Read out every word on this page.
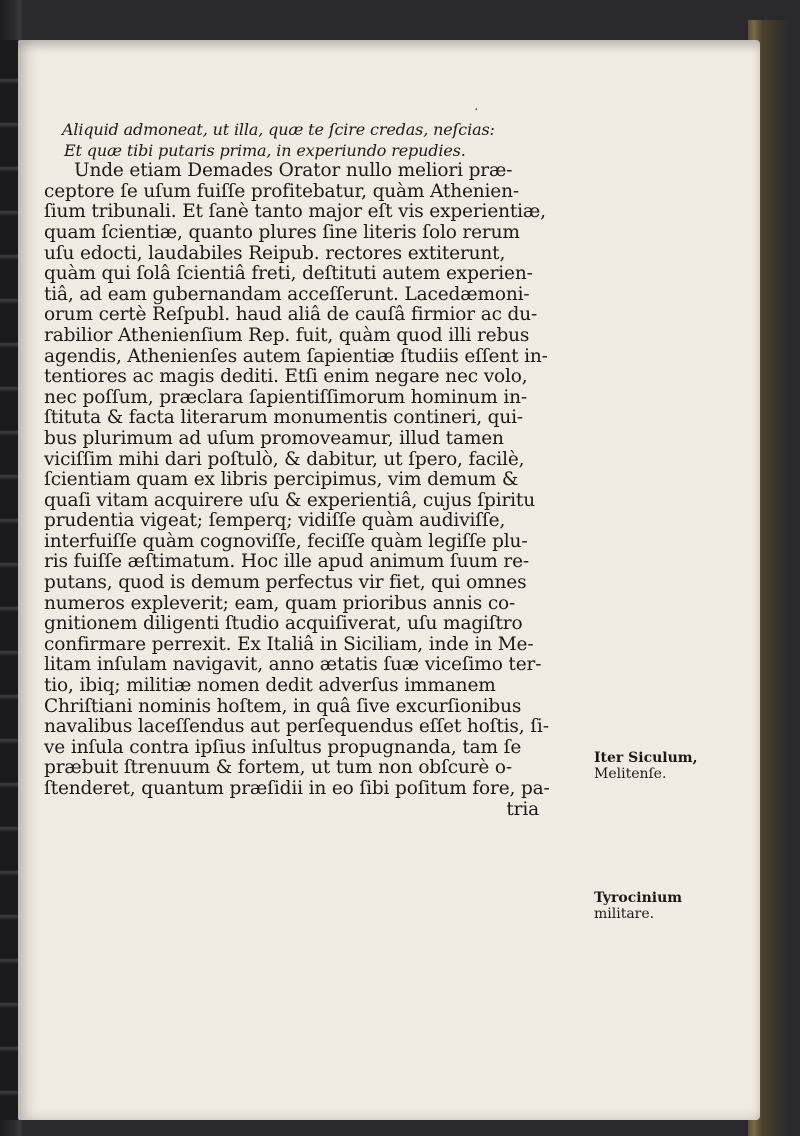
·
Aliquid admoneat, ut illa, quæ te ſcire credas, neſcias:
Et quæ tibi putaris prima, in experiundo repudies.
Unde etiam Demades Orator nullo meliori præ-
ceptore ſe uſum fuiſſe profitebatur, quàm Athenien-
ſium tribunali. Et ſanè tanto major eſt vis experientiæ,
quam ſcientiæ, quanto plures ſine literis ſolo rerum
uſu edocti, laudabiles Reipub. rectores extiterunt,
quàm qui ſolâ ſcientiâ freti, deſtituti autem experien-
tiâ, ad eam gubernandam acceſſerunt. Lacedæmoni-
orum certè Reſpubl. haud aliâ de cauſâ firmior ac du-
rabilior Athenienſium Rep. fuit, quàm quod illi rebus
agendis, Athenienſes autem ſapientiæ ſtudiis eſſent in-
tentiores ac magis dediti. Etſi enim negare nec volo,
nec poſſum, præclara ſapientiſſimorum hominum in-
ſtituta & facta literarum monumentis contineri, qui-
bus plurimum ad uſum promoveamur, illud tamen
viciſſim mihi dari poſtulò, & dabitur, ut ſpero, facilè,
ſcientiam quam ex libris percipimus, vim demum &
quaſi vitam acquirere uſu & experientiâ, cujus ſpiritu
prudentia vigeat; ſemperq; vidiſſe quàm audiviſſe,
interfuiſſe quàm cognoviſſe, feciſſe quàm legiſſe plu-
ris fuiſſe æſtimatum. Hoc ille apud animum ſuum re-
putans, quod is demum perfectus vir fiet, qui omnes
numeros expleverit; eam, quam prioribus annis co-
gnitionem diligenti ſtudio acquiſiverat, uſu magiſtro
confirmare perrexit. Ex Italiâ in Siciliam, inde in Me-
litam inſulam navigavit, anno ætatis ſuæ viceſimo ter-
tio, ibiq; militiæ nomen dedit adverſus immanem
Chriſtiani nominis hoſtem, in quâ ſive excurſionibus
navalibus laceſſendus aut perſequendus eſſet hoſtis, ſi-
ve inſula contra ipſius inſultus propugnanda, tam ſe
præbuit ſtrenuum & fortem, ut tum non obſcurè o-
ſtenderet, quantum præſidii in eo ſibi poſitum fore, pa-
tria
Iter Siculum,
Melitenſe.
Tyrocinium
militare.
